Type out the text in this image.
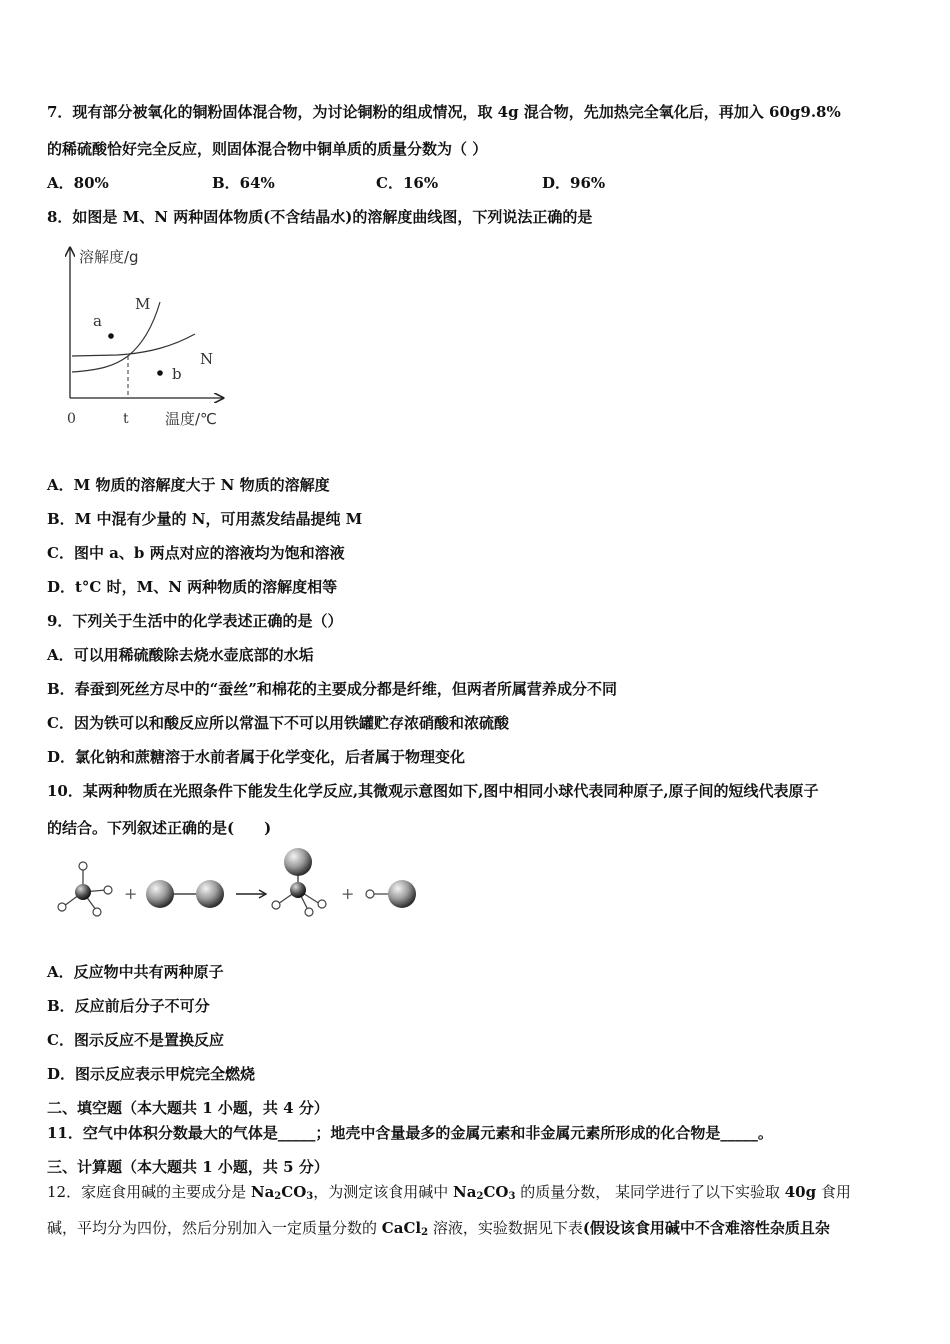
7．现有部分被氧化的铜粉固体混合物，为讨论铜粉的组成情况，取 4g 混合物，先加热完全氧化后，再加入 60g9.8%
的稀硫酸恰好完全反应，则固体混合物中铜单质的质量分数为（ ）
A．80%	B．64%	C．16%	D．96%
8．如图是 M、N 两种固体物质(不含结晶水)的溶解度曲线图，下列说法正确的是
溶解度/g
温度/℃
0	t
M
N
a
b
A．M 物质的溶解度大于 N 物质的溶解度
B．M 中混有少量的 N，可用蒸发结晶提纯 M
C．图中 a、b 两点对应的溶液均为饱和溶液
D．t°C 时，M、N 两种物质的溶解度相等
9．下列关于生活中的化学表述正确的是（）
A．可以用稀硫酸除去烧水壶底部的水垢
B．春蚕到死丝方尽中的“蚕丝”和棉花的主要成分都是纤维，但两者所属营养成分不同
C．因为铁可以和酸反应所以常温下不可以用铁罐贮存浓硝酸和浓硫酸
D．氯化钠和蔗糖溶于水前者属于化学变化，后者属于物理变化
10．某两种物质在光照条件下能发生化学反应,其微观示意图如下,图中相同小球代表同种原子,原子间的短线代表原子
的结合。下列叙述正确的是(　　)
+	+
A．反应物中共有两种原子
B．反应前后分子不可分
C．图示反应不是置换反应
D．图示反应表示甲烷完全燃烧
二、填空题（本大题共 1 小题，共 4 分）
11．空气中体积分数最大的气体是_____；地壳中含量最多的金属元素和非金属元素所形成的化合物是_____。
三、计算题（本大题共 1 小题，共 5 分）
12．家庭食用碱的主要成分是 $Na_2CO_3$，为测定该食用碱中 $Na_2CO_3$ 的质量分数， 某同学进行了以下实验取 40g 食用
碱，平均分为四份，然后分别加入一定质量分数的 CaCl$_2$ 溶液，实验数据见下表(假设该食用碱中不含难溶性杂质且杂
